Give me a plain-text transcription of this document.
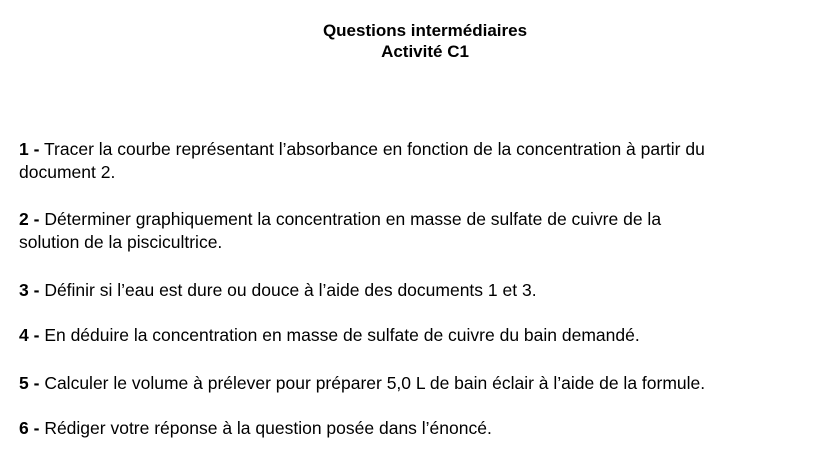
Questions intermédiaires
Activité C1
1 - Tracer la courbe représentant l’absorbance en fonction de la concentration à partir du
document 2.
2 - Déterminer graphiquement la concentration en masse de sulfate de cuivre de la
solution de la piscicultrice.
3 - Définir si l’eau est dure ou douce à l’aide des documents 1 et 3.
4 - En déduire la concentration en masse de sulfate de cuivre du bain demandé.
5 - Calculer le volume à prélever pour préparer 5,0 L de bain éclair à l’aide de la formule.
6 - Rédiger votre réponse à la question posée dans l’énoncé.
